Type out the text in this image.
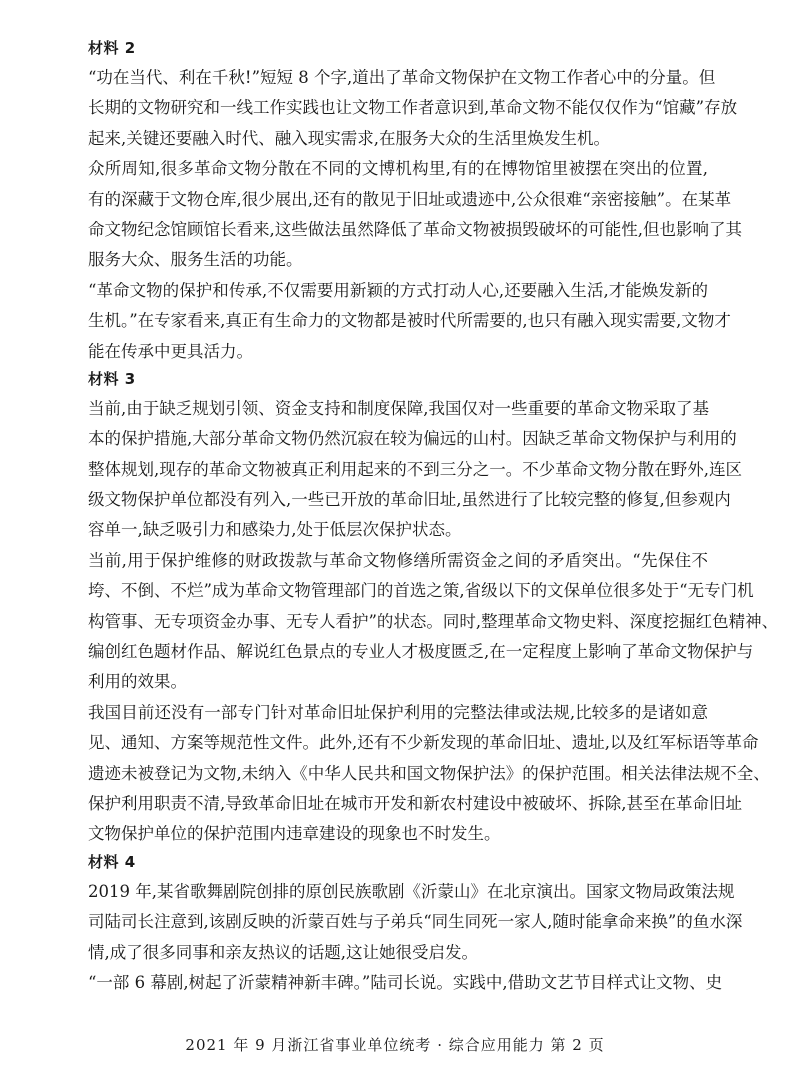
材料 2
“功在当代、利在千秋!”短短 8 个字,道出了革命文物保护在文物工作者心中的分量。但
长期的文物研究和一线工作实践也让文物工作者意识到,革命文物不能仅仅作为“馆藏”存放
起来,关键还要融入时代、融入现实需求,在服务大众的生活里焕发生机。
众所周知,很多革命文物分散在不同的文博机构里,有的在博物馆里被摆在突出的位置,
有的深藏于文物仓库,很少展出,还有的散见于旧址或遗迹中,公众很难“亲密接触”。在某革
命文物纪念馆顾馆长看来,这些做法虽然降低了革命文物被损毁破坏的可能性,但也影响了其
服务大众、服务生活的功能。
“革命文物的保护和传承,不仅需要用新颖的方式打动人心,还要融入生活,才能焕发新的
生机。”在专家看来,真正有生命力的文物都是被时代所需要的,也只有融入现实需要,文物才
能在传承中更具活力。
材料 3
当前,由于缺乏规划引领、资金支持和制度保障,我国仅对一些重要的革命文物采取了基
本的保护措施,大部分革命文物仍然沉寂在较为偏远的山村。因缺乏革命文物保护与利用的
整体规划,现存的革命文物被真正利用起来的不到三分之一。不少革命文物分散在野外,连区
级文物保护单位都没有列入,一些已开放的革命旧址,虽然进行了比较完整的修复,但参观内
容单一,缺乏吸引力和感染力,处于低层次保护状态。
当前,用于保护维修的财政拨款与革命文物修缮所需资金之间的矛盾突出。“先保住不
垮、不倒、不烂”成为革命文物管理部门的首选之策,省级以下的文保单位很多处于“无专门机
构管事、无专项资金办事、无专人看护”的状态。同时,整理革命文物史料、深度挖掘红色精神、
编创红色题材作品、解说红色景点的专业人才极度匮乏,在一定程度上影响了革命文物保护与
利用的效果。
我国目前还没有一部专门针对革命旧址保护利用的完整法律或法规,比较多的是诸如意
见、通知、方案等规范性文件。此外,还有不少新发现的革命旧址、遗址,以及红军标语等革命
遗迹未被登记为文物,未纳入《中华人民共和国文物保护法》的保护范围。相关法律法规不全、
保护利用职责不清,导致革命旧址在城市开发和新农村建设中被破坏、拆除,甚至在革命旧址
文物保护单位的保护范围内违章建设的现象也不时发生。
材料 4
2019 年,某省歌舞剧院创排的原创民族歌剧《沂蒙山》在北京演出。国家文物局政策法规
司陆司长注意到,该剧反映的沂蒙百姓与子弟兵“同生同死一家人,随时能拿命来换”的鱼水深
情,成了很多同事和亲友热议的话题,这让她很受启发。
“一部 6 幕剧,树起了沂蒙精神新丰碑。”陆司长说。实践中,借助文艺节目样式让文物、史
2021 年 9 月浙江省事业单位统考 · 综合应用能力 第 2 页
